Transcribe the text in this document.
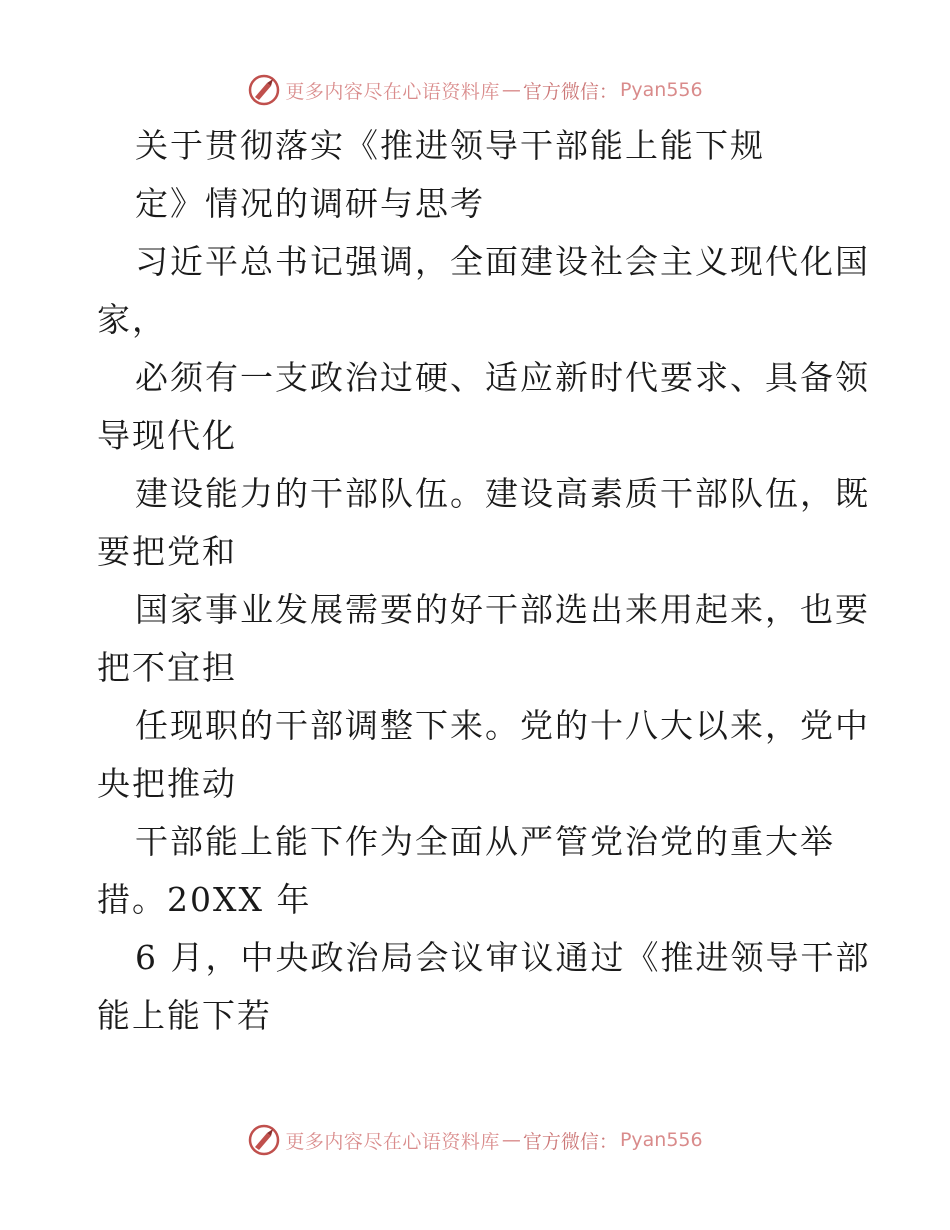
更多内容尽在心语资料库 — 官方微信： Pyan556
关于贯彻落实《推进领导干部能上能下规
定》情况的调研与思考
习近平总书记强调，全面建设社会主义现代化国
家，
必须有一支政治过硬、适应新时代要求、具备领
导现代化
建设能力的干部队伍。建设高素质干部队伍，既
要把党和
国家事业发展需要的好干部选出来用起来，也要
把不宜担
任现职的干部调整下来。党的十八大以来，党中
央把推动
干部能上能下作为全面从严管党治党的重大举
措。20XX 年
6 月，中央政治局会议审议通过《推进领导干部
能上能下若
更多内容尽在心语资料库 — 官方微信： Pyan556
